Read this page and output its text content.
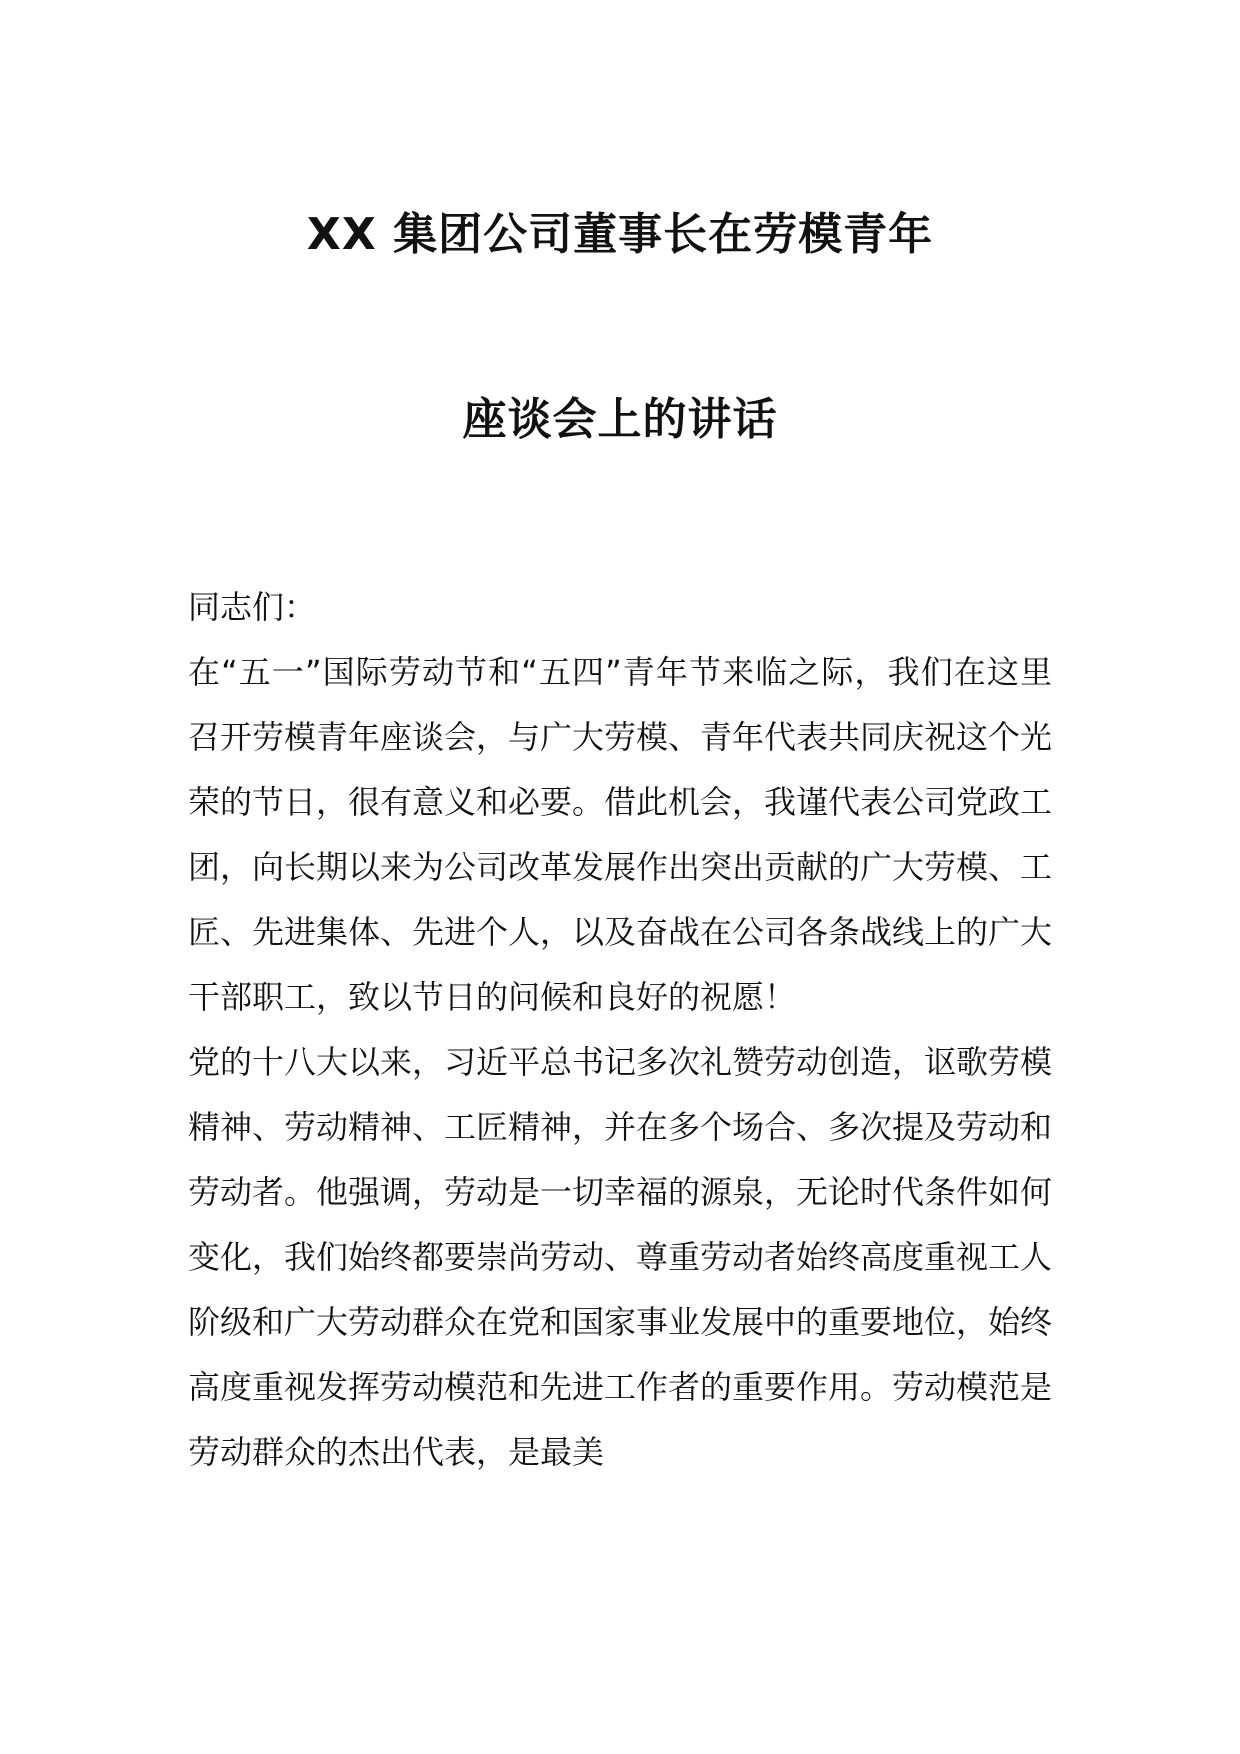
XX 集团公司董事长在劳模青年
座谈会上的讲话

同志们：

在“五一”国际劳动节和“五四”青年节来临之际，我们在这里召开劳模青年座谈会，与广大劳模、青年代表共同庆祝这个光荣的节日，很有意义和必要。借此机会，我谨代表公司党政工团，向长期以来为公司改革发展作出突出贡献的广大劳模、工匠、先进集体、先进个人，以及奋战在公司各条战线上的广大干部职工，致以节日的问候和良好的祝愿！

党的十八大以来，习近平总书记多次礼赞劳动创造，讴歌劳模精神、劳动精神、工匠精神，并在多个场合、多次提及劳动和劳动者。他强调，劳动是一切幸福的源泉，无论时代条件如何变化，我们始终都要崇尚劳动、尊重劳动者始终高度重视工人阶级和广大劳动群众在党和国家事业发展中的重要地位，始终高度重视发挥劳动模范和先进工作者的重要作用。劳动模范是劳动群众的杰出代表，是最美
